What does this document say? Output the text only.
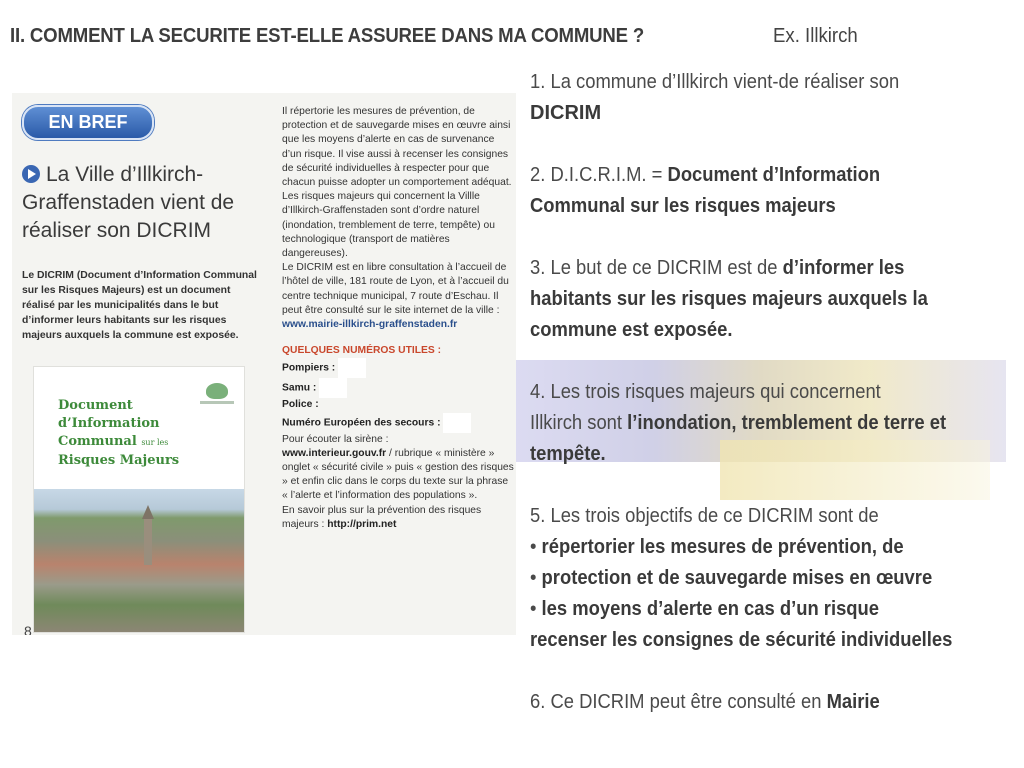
II. COMMENT LA SECURITE EST-ELLE ASSUREE DANS MA COMMUNE ?	Ex. Illkirch
EN BREF
La Ville d’Illkirch-Graffenstaden vient de réaliser son DICRIM
Le DICRIM (Document d’Information Communal sur les Risques Majeurs) est un document réalisé par les municipalités dans le but d’informer leurs habitants sur les risques majeurs auxquels la commune est exposée.
Document
d’Information
Communal sur les
Risques Majeurs
8
Il répertorie les mesures de prévention, de protection et de sauvegarde mises en œuvre ainsi que les moyens d’alerte en cas de survenance d’un risque. Il vise aussi à recenser les consignes de sécurité individuelles à respecter pour que chacun puisse adopter un comportement adéquat.
Les risques majeurs qui concernent la Villle d’Illkirch-Graffenstaden sont d’ordre naturel (inondation, tremblement de terre, tempête) ou technologique (transport de matières dangereuses).
Le DICRIM est en libre consultation à l’accueil de l’hôtel de ville, 181 route de Lyon, et à l’accueil du centre technique municipal, 7 route d’Eschau. Il peut être consulté sur le site internet de la ville : www.mairie-illkirch-graffenstaden.fr
QUELQUES NUMÉROS UTILES :
Pompiers :
Samu :
Police :
Numéro Européen des secours :
Pour écouter la sirène :
www.interieur.gouv.fr / rubrique « ministère » onglet « sécurité civile » puis « gestion des risques » et enfin clic dans le corps du texte sur la phrase « l’alerte et l’information des populations ».
En savoir plus sur la prévention des risques majeurs : http://prim.net

1. La commune d’Illkirch vient-de réaliser son

DICRIM

2. D.I.C.R.I.M. = Document d’Information

Communal sur les risques majeurs

3. Le but de ce DICRIM est de d’informer les

habitants sur les risques majeurs auxquels la

commune est exposée.

4. Les trois risques majeurs qui concernent

Illkirch sont l’inondation, tremblement de terre et

tempête.

5. Les trois objectifs de ce DICRIM sont de

• répertorier les mesures de prévention, de

• protection et de sauvegarde mises en œuvre

• les moyens d’alerte en cas d’un risque

recenser les consignes de sécurité individuelles

6. Ce DICRIM peut être consulté en Mairie
